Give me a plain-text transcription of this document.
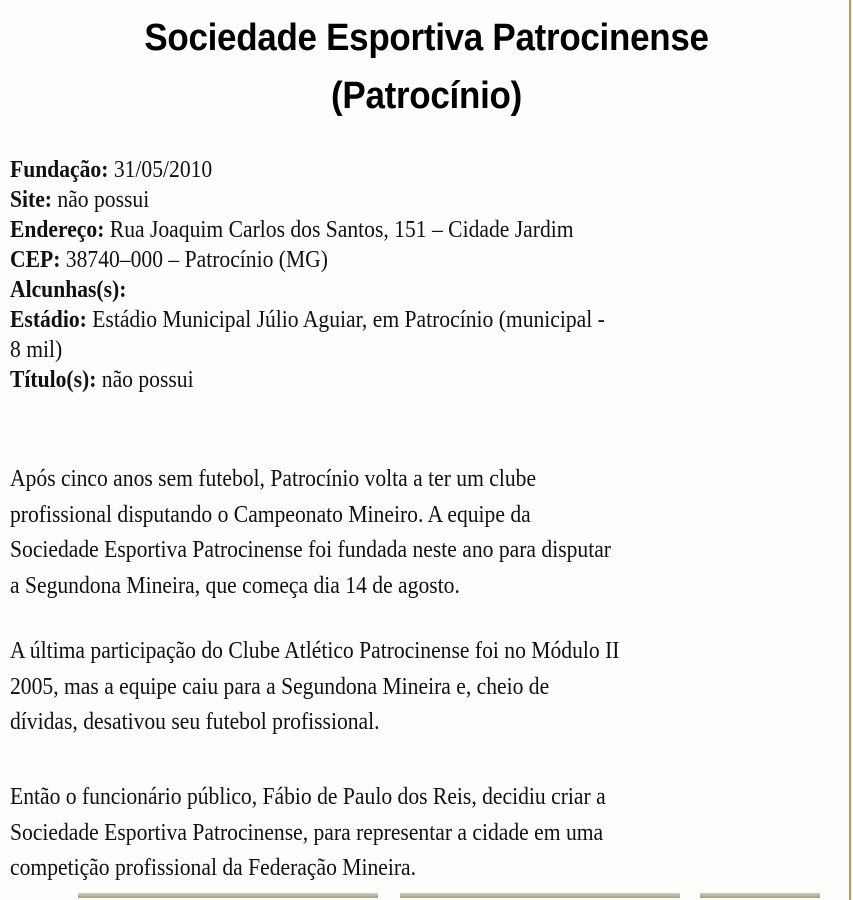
Sociedade Esportiva Patrocinense
(Patrocínio)
Fundação: 31/05/2010
Site: não possui
Endereço: Rua Joaquim Carlos dos Santos, 151 – Cidade Jardim
CEP: 38740–000 – Patrocínio (MG)
Alcunhas(s):
Estádio: Estádio Municipal Júlio Aguiar, em Patrocínio (municipal -
8 mil)
Título(s): não possui
Após cinco anos sem futebol, Patrocínio volta a ter um clube
profissional disputando o Campeonato Mineiro. A equipe da
Sociedade Esportiva Patrocinense foi fundada neste ano para disputar
a Segundona Mineira, que começa dia 14 de agosto.
A última participação do Clube Atlético Patrocinense foi no Módulo II
2005, mas a equipe caiu para a Segundona Mineira e, cheio de
dívidas, desativou seu futebol profissional.
Então o funcionário público, Fábio de Paulo dos Reis, decidiu criar a
Sociedade Esportiva Patrocinense, para representar a cidade em uma
competição profissional da Federação Mineira.
